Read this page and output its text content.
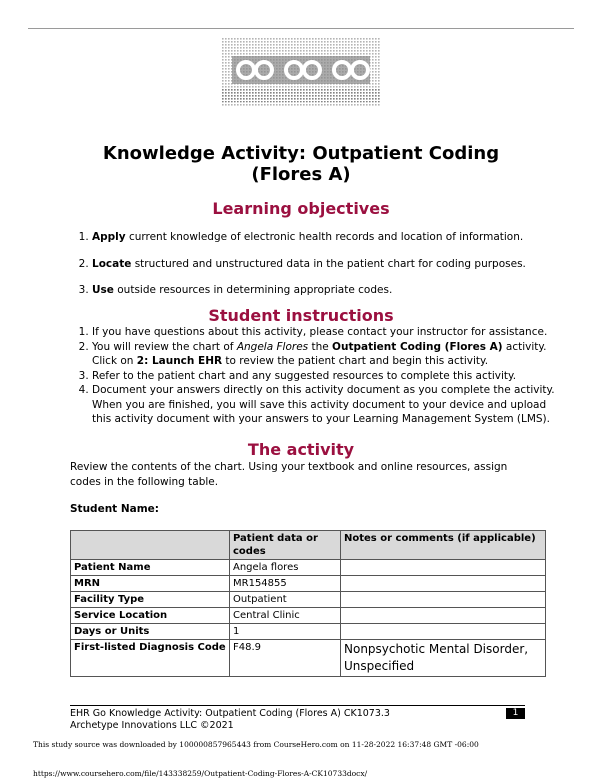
Knowledge Activity: Outpatient Coding
(Flores A)
Learning objectives
1. Apply current knowledge of electronic health records and location of information.
2. Locate structured and unstructured data in the patient chart for coding purposes.
3. Use outside resources in determining appropriate codes.
Student instructions
1. If you have questions about this activity, please contact your instructor for assistance.
2. You will review the chart of Angela Flores the Outpatient Coding (Flores A) activity. Click on 2: Launch EHR to review the patient chart and begin this activity.
3. Refer to the patient chart and any suggested resources to complete this activity.
4. Document your answers directly on this activity document as you complete the activity. When you are finished, you will save this activity document to your device and upload this activity document with your answers to your Learning Management System (LMS).
The activity
Review the contents of the chart. Using your textbook and online resources, assign codes in the following table.
Student Name:
	Patient data or codes	Notes or comments (if applicable)
Patient Name	Angela flores	
MRN	MR154855	
Facility Type	Outpatient	
Service Location	Central Clinic	
Days or Units	1	
First-listed Diagnosis Code	F48.9	Nonpsychotic Mental Disorder, Unspecified
EHR Go Knowledge Activity: Outpatient Coding (Flores A) CK1073.3
Archetype Innovations LLC ©2021
1
This study source was downloaded by 100000857965443 from CourseHero.com on 11-28-2022 16:37:48 GMT -06:00
https://www.coursehero.com/file/143338259/Outpatient-Coding-Flores-A-CK10733docx/
